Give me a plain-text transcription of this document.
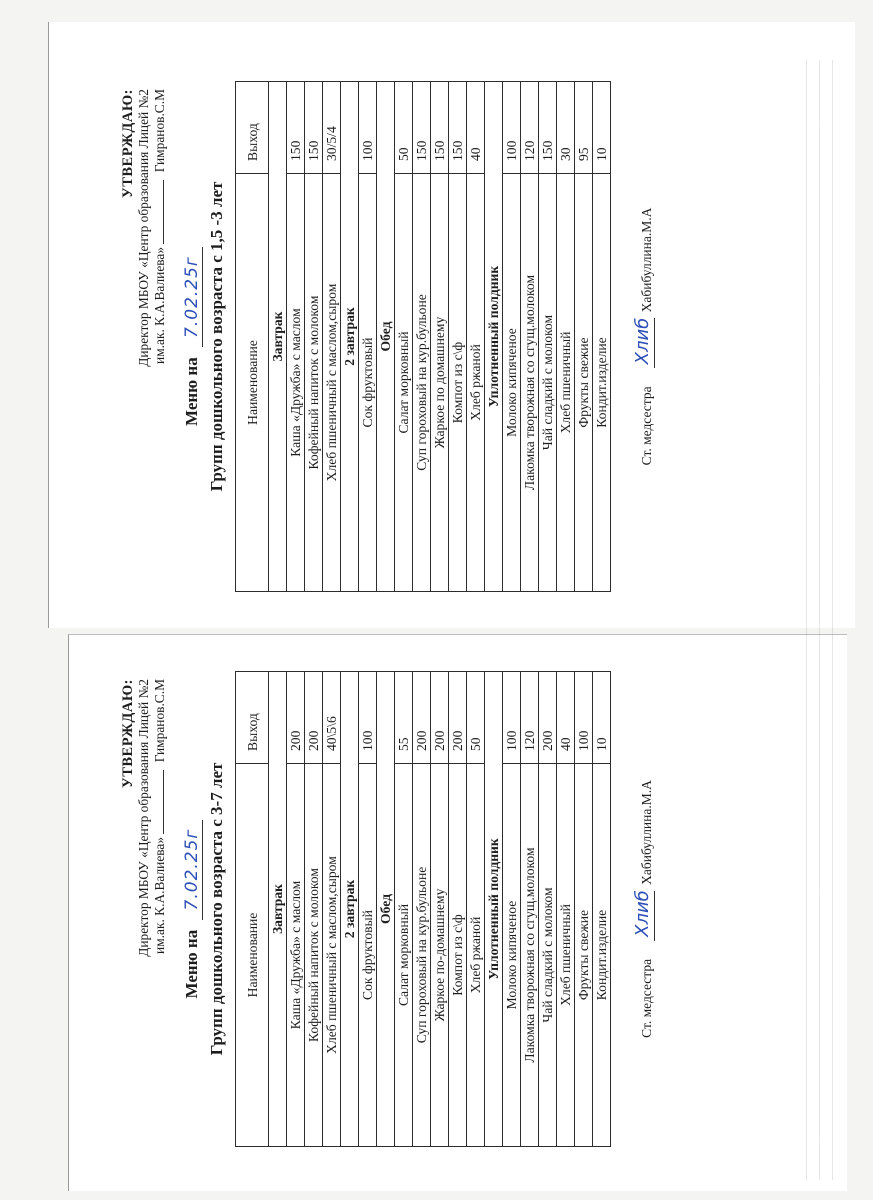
УТВЕРЖДАЮ: Директор МБОУ «Центр образования Лицей №2 им.ак. К.А.Валиева»  Гимранов.С.М
Меню на 7.02.25г Групп дошкольного возраста с 1,5 -3 лет Наименование	Выход
Завтрак	
Каша «Дружба» с маслом	150
Кофейный напиток с молоком	150
Хлеб пшеничный с маслом,сыром	30/5/4
2 завтрак	
Сок фруктовый	100
Обед	
Салат морковный	50
Суп гороховый на кур.бульоне	150
Жаркое по домашнему	150
Компот из с\ф	150
Хлеб ржаной	40
Уплотненный полдник	
Молоко кипяченое	100
Лакомка творожная со сгущ.молоком	120
Чай сладкий с молоком	150
Хлеб пшеничный	30
Фрукты свежие	95
Кондит.изделие	10
Ст. медсестра
Хлиб
Хабибуллина.М.А
УТВЕРЖДАЮ: Директор МБОУ «Центр образования Лицей №2 им.ак. К.А.Валиева»  Гимранов.С.М
Меню на 7.02.25г Групп дошкольного возраста с 3-7 лет Наименование	Выход
Завтрак	
Каша «Дружба» с маслом	200
Кофейный напиток с молоком	200
Хлеб пшеничный с маслом,сыром	40\5\6
2 завтрак	
Сок фруктовый	100
Обед	
Салат морковный	55
Суп гороховый на кур.бульоне	200
Жаркое по-домашнему	200
Компот из с\ф	200
Хлеб ржаной	50
Уплотненный полдник	
Молоко кипяченое	100
Лакомка творожная со сгущ.молоком	120
Чай сладкий с молоком	200
Хлеб пшеничный	40
Фрукты свежие	100
Кондит.изделие	10
Ст. медсестра
Хлиб
Хабибуллина.М.А
